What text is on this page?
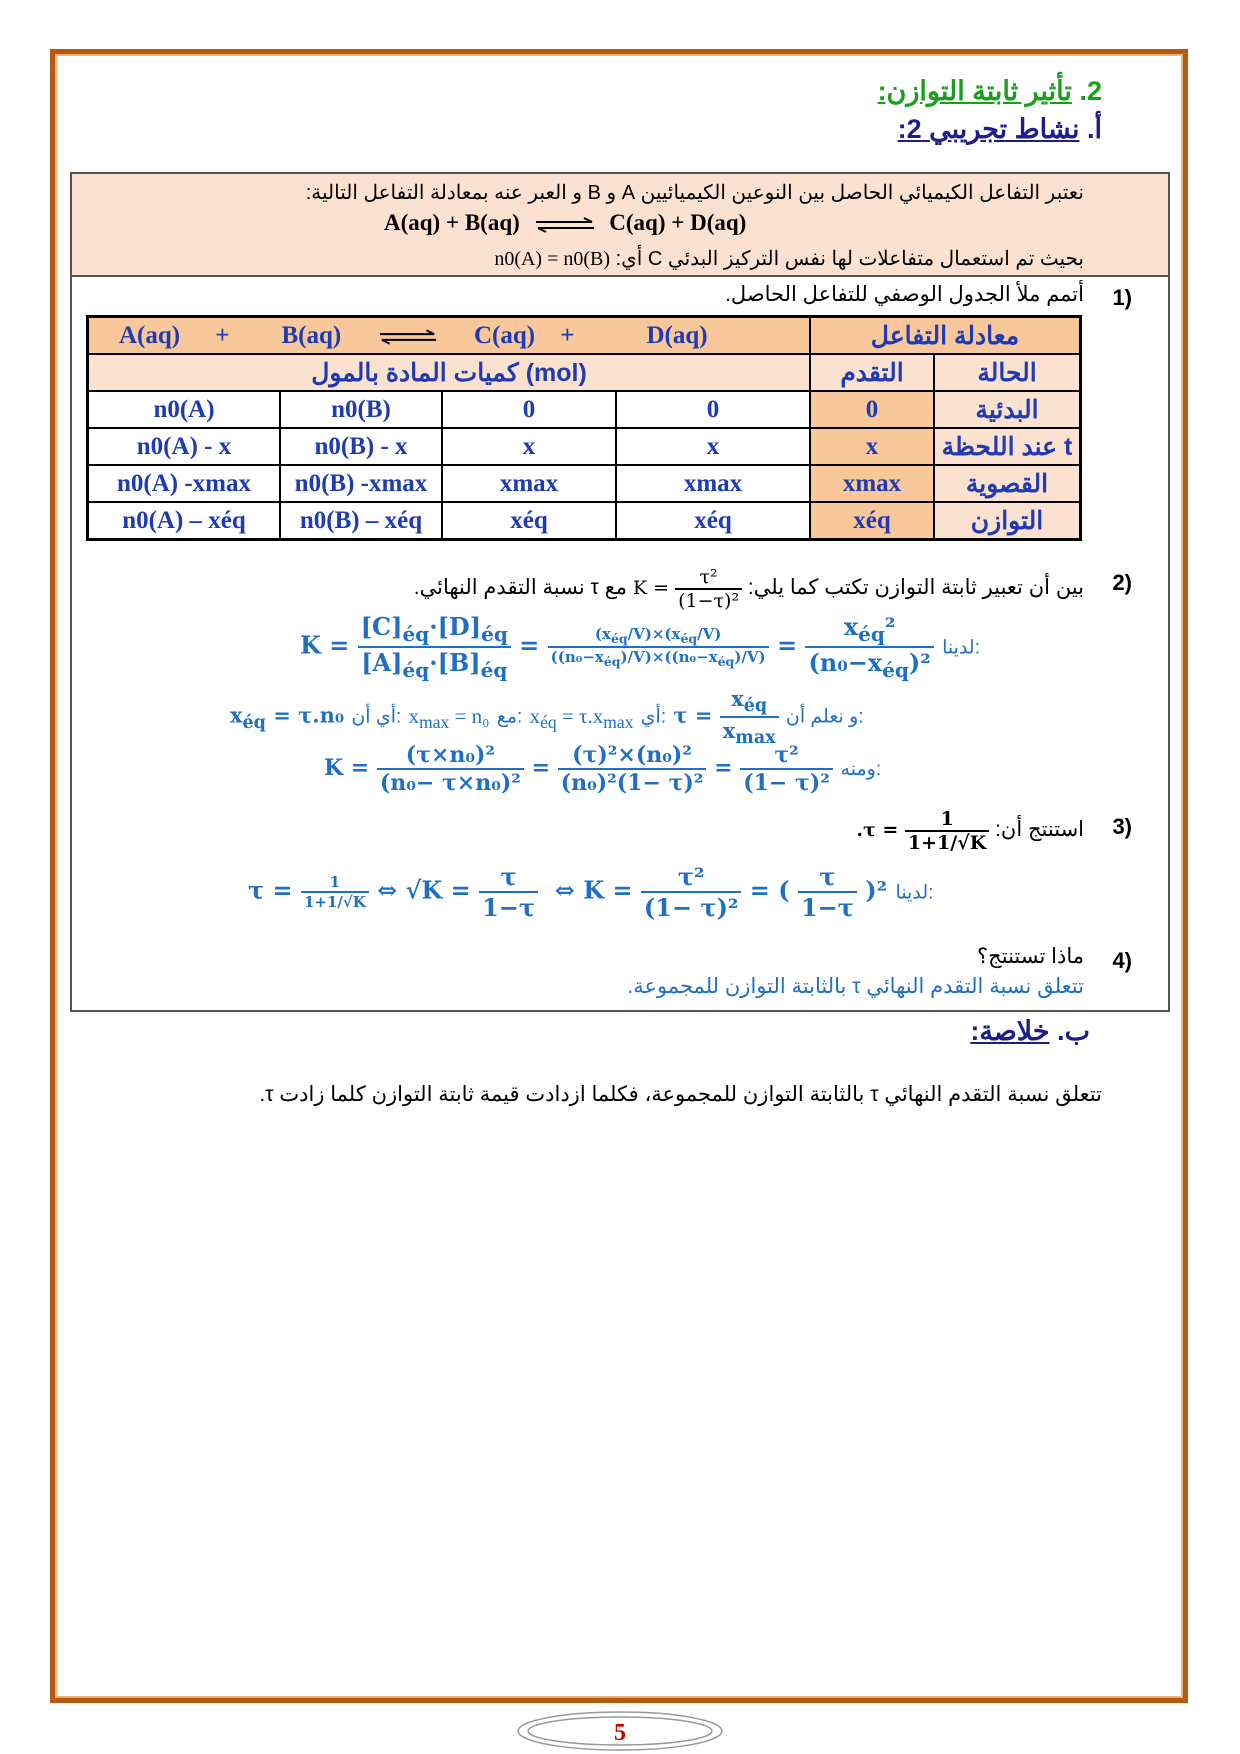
2. تأثير ثابتة التوازن:
أ. نشاط تجريبي 2:
نعتبر التفاعل الكيميائي الحاصل بين النوعين الكيميائيين A و B و العبر عنه بمعادلة التفاعل التالية:
A(aq) + B(aq) ⇌ C(aq) + D(aq)
بحيث تم استعمال متفاعلات لها نفس التركيز البدئي C أي: n0(A) = n0(B)
1)
أتمم ملأ الجدول الوصفي للتفاعل الحاصل.
A(aq) + B(aq) ⇌ C(aq) + D(aq)				معادلة التفاعل	
كميات المادة بالمول (mol)				التقدم	الحالة
n0(A)	n0(B)	0	0	0	البدئية
n0(A) - x	n0(B) - x	x	x	x	عند اللحظة t
n0(A) -xmax	n0(B) -xmax	xmax	xmax	xmax	القصوية
n0(A) – xéq	n0(B) – xéq	xéq	xéq	xéq	التوازن
2)
بين أن تعبير ثابتة التوازن تكتب كما يلي: $K = \frac{\text{τ²}}{\text{(1−τ)²}}$
مع τ نسبة التقدم النهائي.
$K = \frac{[C]_{éq}\cdot[D]_{éq}}{[A]_{éq}\cdot[B]_{éq}} = \frac{(x_{éq}/V)\times(x_{éq}/V)}{((n_0-x_{éq})/V)\times((n_0-x_{éq})/V)} = \frac{x_{éq}^2}{(n_0-x_{éq})^2}$ لدينا:
$x_{éq} = \tau.n_0$ أي أن: $x_{max} = n_0$ مع: $x_{éq} = \tau.x_{max}$ أي: $\tau = \frac{x_{éq}}{x_{max}}$ و نعلم أن:
$K = \frac{\text{(τ×n₀)²}}{\text{(n₀− τ×n₀)²}} = \frac{\text{(τ)²×(n₀)²}}{\text{(n₀)²(1− τ)²}} = \frac{\text{τ²}}{\text{(1− τ)²}}$ ومنه:
3)
استنتج أن: $.\tau = \frac{1}{1+1/√K}$
$\tau = \frac{1}{1+1/√K}$ ⇔ $√K = \frac{\tau}{1-\tau}$ ⇔ $K = \frac{\text{τ²}}{\text{(1− τ)²}}$ = ( $\frac{\tau}{1-\tau} )^2$ لدينا:
4)
ماذا تستنتج؟
تتعلق نسبة التقدم النهائي τ بالثابتة التوازن للمجموعة.
ب. خلاصة:
تتعلق نسبة التقدم النهائي τ بالثابتة التوازن للمجموعة، فكلما ازدادت قيمة ثابتة التوازن كلما زادت τ.
5
